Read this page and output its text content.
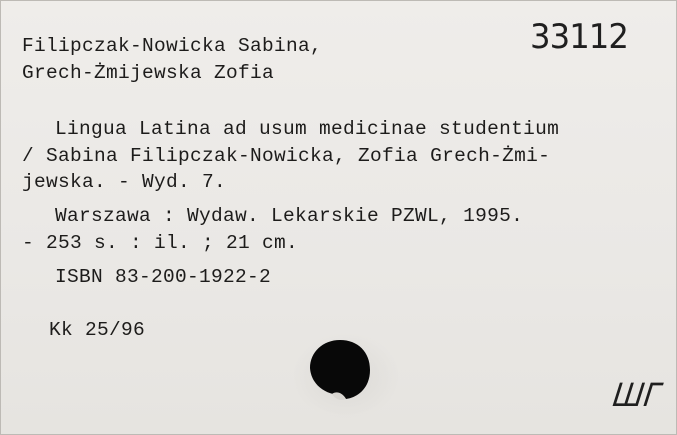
Filipczak-Nowicka Sabina,
Grech-Żmijewska Zofia
33112
Lingua Latina ad usum medicinae studentium
/ Sabina Filipczak-Nowicka, Zofia Grech-Żmi-
jewska. - Wyd. 7.
Warszawa : Wydaw. Lekarskie PZWL, 1995.
- 253 s. : il. ; 21 cm.
ISBN 83-200-1922-2
Kk 25/96
ШГ
